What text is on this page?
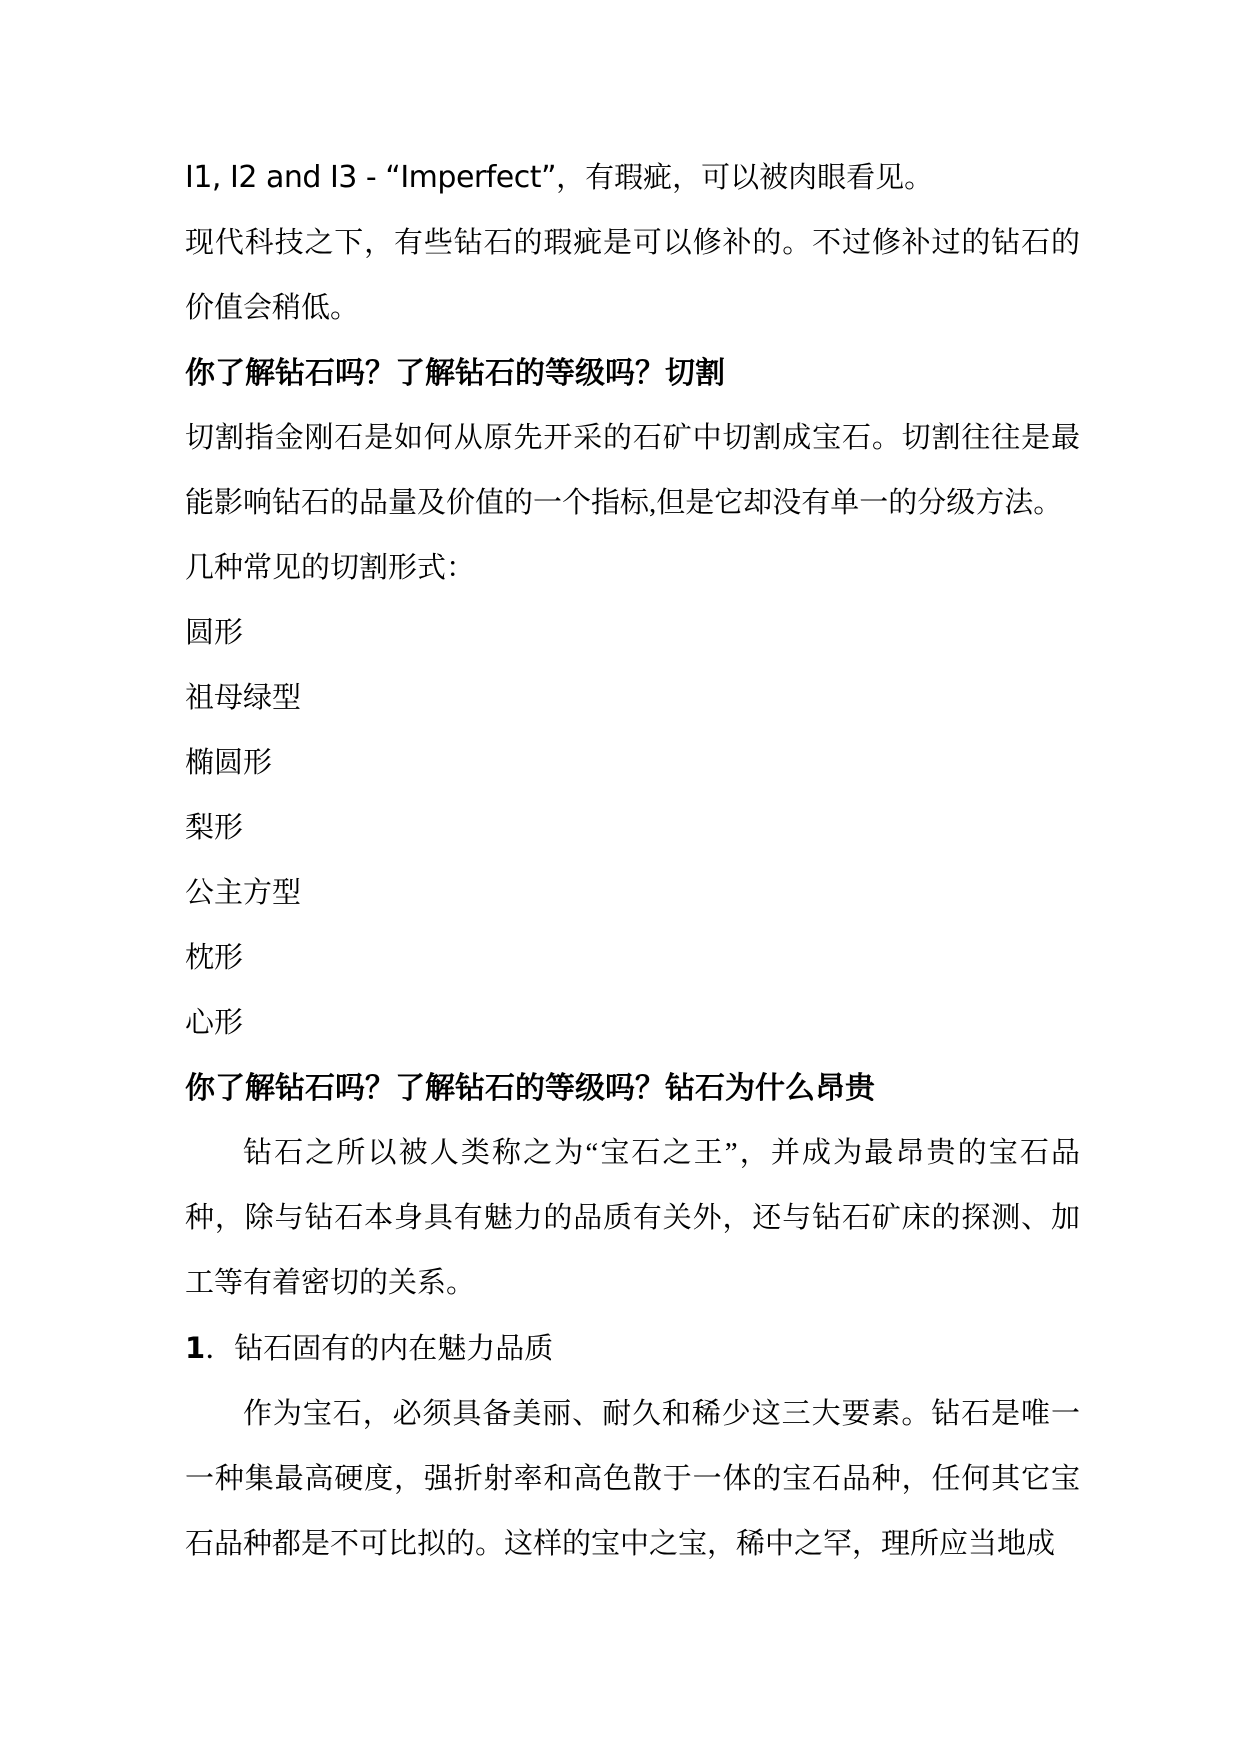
I1, I2 and I3 - “Imperfect”，有瑕疵，可以被肉眼看见。

现代科技之下，有些钻石的瑕疵是可以修补的。不过修补过的钻石的价值会稍低。

你了解钻石吗？了解钻石的等级吗？切割

切割指金刚石是如何从原先开采的石矿中切割成宝石。切割往往是最能影响钻石的品量及价值的一个指标,但是它却没有单一的分级方法。

几种常见的切割形式：

圆形

祖母绿型

椭圆形

梨形

公主方型

枕形

心形

你了解钻石吗？了解钻石的等级吗？钻石为什么昂贵

钻石之所以被人类称之为“宝石之王”，并成为最昂贵的宝石品种，除与钻石本身具有魅力的品质有关外，还与钻石矿床的探测、加工等有着密切的关系。

1．钻石固有的内在魅力品质

作为宝石，必须具备美丽、耐久和稀少这三大要素。钻石是唯一一种集最高硬度，强折射率和高色散于一体的宝石品种，任何其它宝石品种都是不可比拟的。这样的宝中之宝，稀中之罕，理所应当地成
